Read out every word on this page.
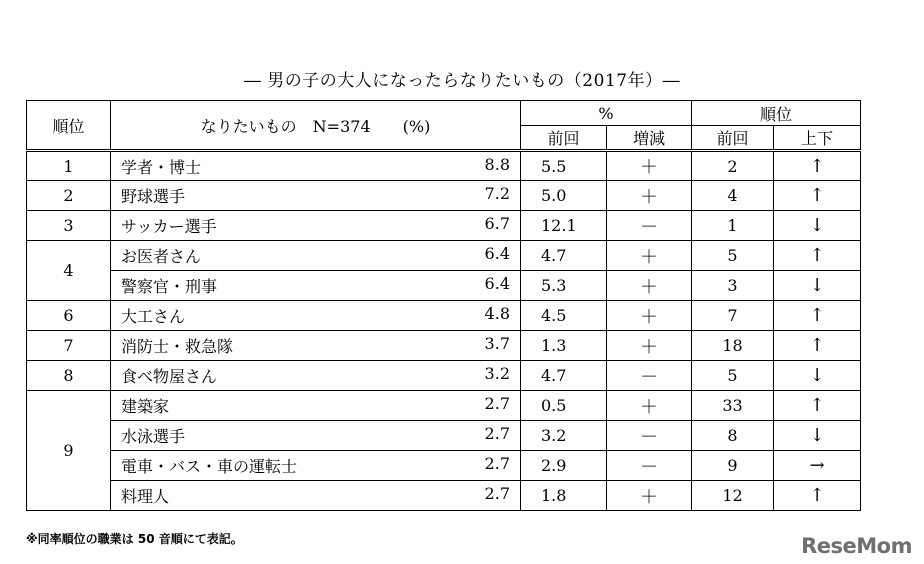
― 男の子の大人になったらなりたいもの（2017年）―
順位	なりたいもの　N=374　　(%)	%		順位	
		前回	増減	前回	上下
1	学者・博士 8.8	5.5	＋	2	↑
2	野球選手 7.2	5.0	＋	4	↑
3	サッカー選手 6.7	12.1	－	1	↓
4	お医者さん 6.4	4.7	＋	5	↑

	警察官・刑事 6.4	5.3	＋	3	↓
6	大工さん 4.8	4.5	＋	7	↑
7	消防士・救急隊 3.7	1.3	＋	18	↑
8	食べ物屋さん 3.2	4.7	－	5	↓
9	建築家 2.7	0.5	＋	33	↑

	水泳選手 2.7	3.2	－	8	↓

	電車・バス・車の運転士 2.7	2.9	－	9	→

	料理人 2.7	1.8	＋	12	↑
※同率順位の職業は 50 音順にて表記。	ReseMom
